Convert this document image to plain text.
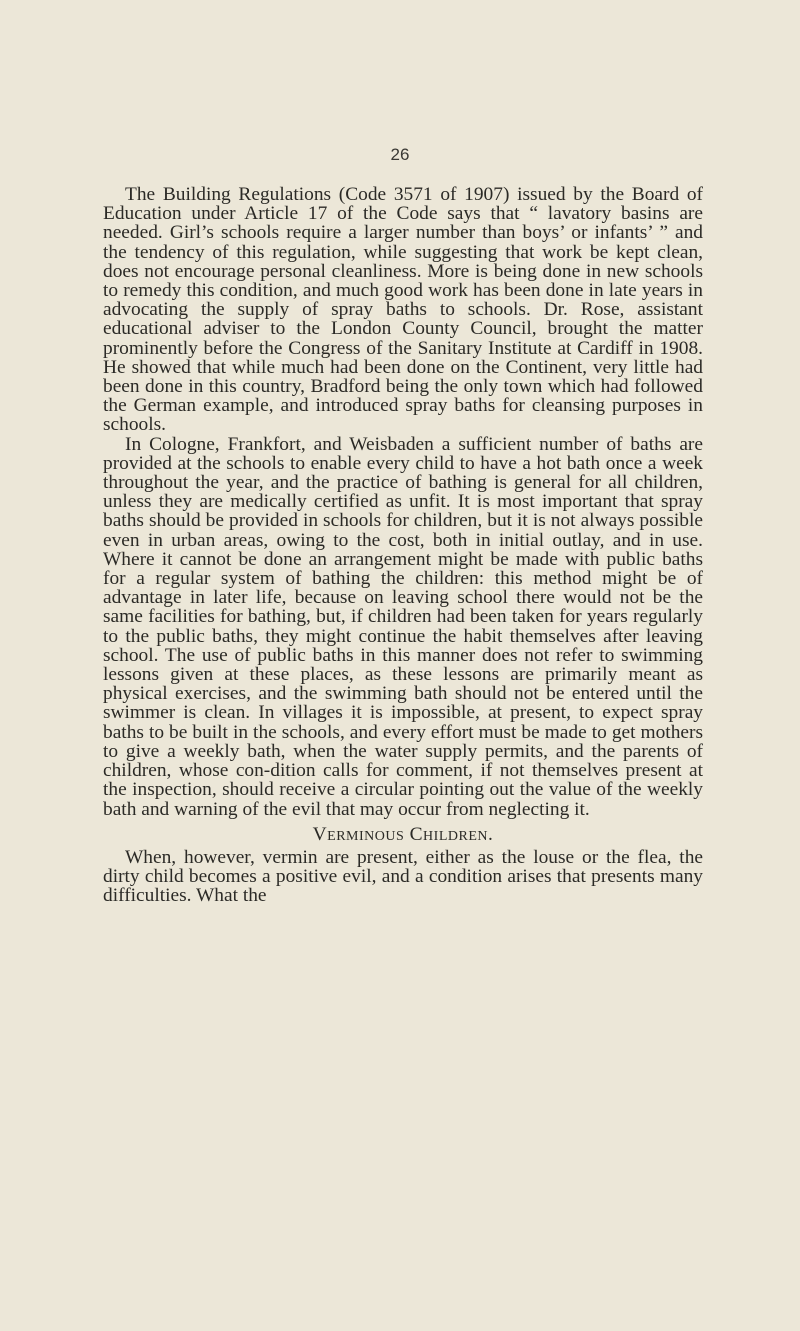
26

The Building Regulations (Code 3571 of 1907) issued by the Board of Education under Article 17 of the Code says that “ lavatory basins are needed. Girl’s schools require a larger number than boys’ or infants’ ” and the tendency of this regulation, while suggesting that work be kept clean, does not encourage personal cleanliness. More is being done in new schools to remedy this condition, and much good work has been done in late years in advocating the supply of spray baths to schools. Dr. Rose, assistant educational adviser to the London County Council, brought the matter prominently before the Congress of the Sanitary Institute at Cardiff in 1908. He showed that while much had been done on the Continent, very little had been done in this country, Bradford being the only town which had followed the German example, and introduced spray baths for cleansing purposes in schools.

In Cologne, Frankfort, and Weisbaden a sufficient number of baths are provided at the schools to enable every child to have a hot bath once a week throughout the year, and the practice of bathing is general for all children, unless they are medically certified as unfit. It is most important that spray baths should be provided in schools for children, but it is not always possible even in urban areas, owing to the cost, both in initial outlay, and in use. Where it cannot be done an arrangement might be made with public baths for a regular system of bathing the children: this method might be of advantage in later life, because on leaving school there would not be the same facilities for bathing, but, if children had been taken for years regularly to the public baths, they might continue the habit themselves after leaving school. The use of public baths in this manner does not refer to swimming lessons given at these places, as these lessons are primarily meant as physical exercises, and the swimming bath should not be entered until the swimmer is clean. In villages it is impossible, at present, to expect spray baths to be built in the schools, and every effort must be made to get mothers to give a weekly bath, when the water supply permits, and the parents of children, whose con-dition calls for comment, if not themselves present at the inspection, should receive a circular pointing out the value of the weekly bath and warning of the evil that may occur from neglecting it.

Verminous Children.

When, however, vermin are present, either as the louse or the flea, the dirty child becomes a positive evil, and a condition arises that presents many difficulties. What the
